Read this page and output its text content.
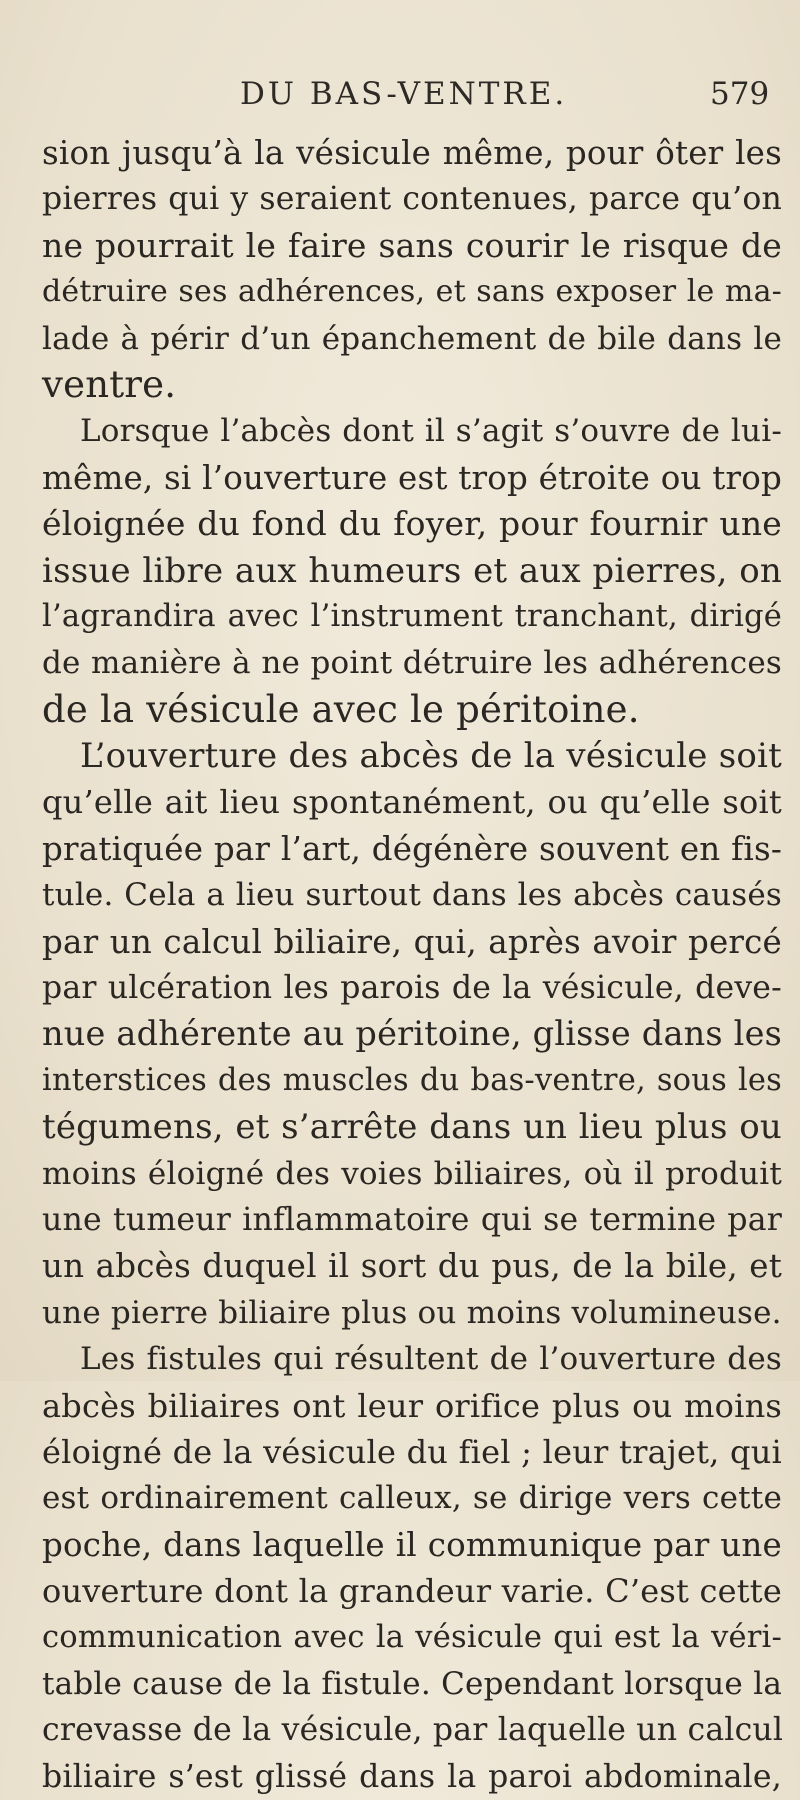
DU BAS-VENTRE.	579
sion jusqu’à la vésicule même, pour ôter les
pierres qui y seraient contenues, parce qu’on
ne pourrait le faire sans courir le risque de
détruire ses adhérences, et sans exposer le ma-
lade à périr d’un épanchement de bile dans le
ventre.
Lorsque l’abcès dont il s’agit s’ouvre de lui-
même, si l’ouverture est trop étroite ou trop
éloignée du fond du foyer, pour fournir une
issue libre aux humeurs et aux pierres, on
l’agrandira avec l’instrument tranchant, dirigé
de manière à ne point détruire les adhérences
de la vésicule avec le péritoine.
L’ouverture des abcès de la vésicule soit
qu’elle ait lieu spontanément, ou qu’elle soit
pratiquée par l’art, dégénère souvent en fis-
tule. Cela a lieu surtout dans les abcès causés
par un calcul biliaire, qui, après avoir percé
par ulcération les parois de la vésicule, deve-
nue adhérente au péritoine, glisse dans les
interstices des muscles du bas-ventre, sous les
tégumens, et s’arrête dans un lieu plus ou
moins éloigné des voies biliaires, où il produit
une tumeur inflammatoire qui se termine par
un abcès duquel il sort du pus, de la bile, et
une pierre biliaire plus ou moins volumineuse.
Les fistules qui résultent de l’ouverture des
abcès biliaires ont leur orifice plus ou moins
éloigné de la vésicule du fiel ; leur trajet, qui
est ordinairement calleux, se dirige vers cette
poche, dans laquelle il communique par une
ouverture dont la grandeur varie. C’est cette
communication avec la vésicule qui est la véri-
table cause de la fistule. Cependant lorsque la
crevasse de la vésicule, par laquelle un calcul
biliaire s’est glissé dans la paroi abdominale,
